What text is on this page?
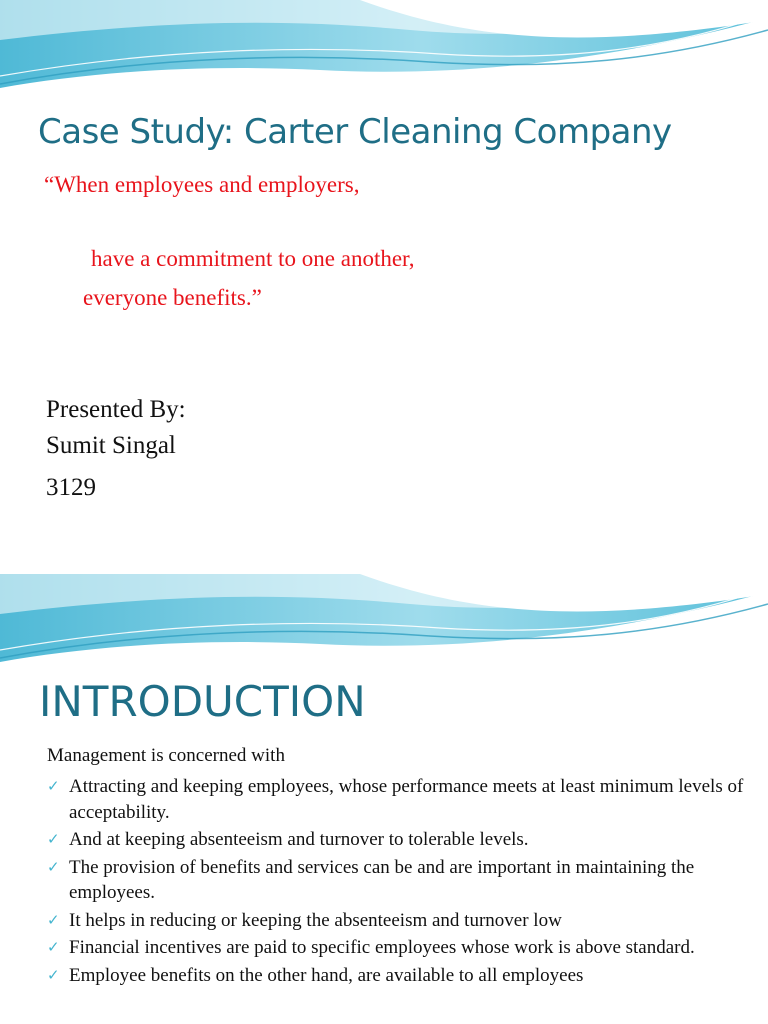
Case Study: Carter Cleaning Company

“When employees and employers,

have a commitment to one another,

everyone benefits.”

Presented By:

Sumit Singal

3129

INTRODUCTION

Management is concerned with

✓ Attracting and keeping employees, whose performance meets at least minimum levels of acceptability.
✓ And at keeping absenteeism and turnover to tolerable levels.
✓ The provision of benefits and services can be and are important in maintaining the employees.
✓ It helps in reducing or keeping the absenteeism and turnover low
✓ Financial incentives are paid to specific employees whose work is above standard.
✓ Employee benefits on the other hand, are available to all employees
